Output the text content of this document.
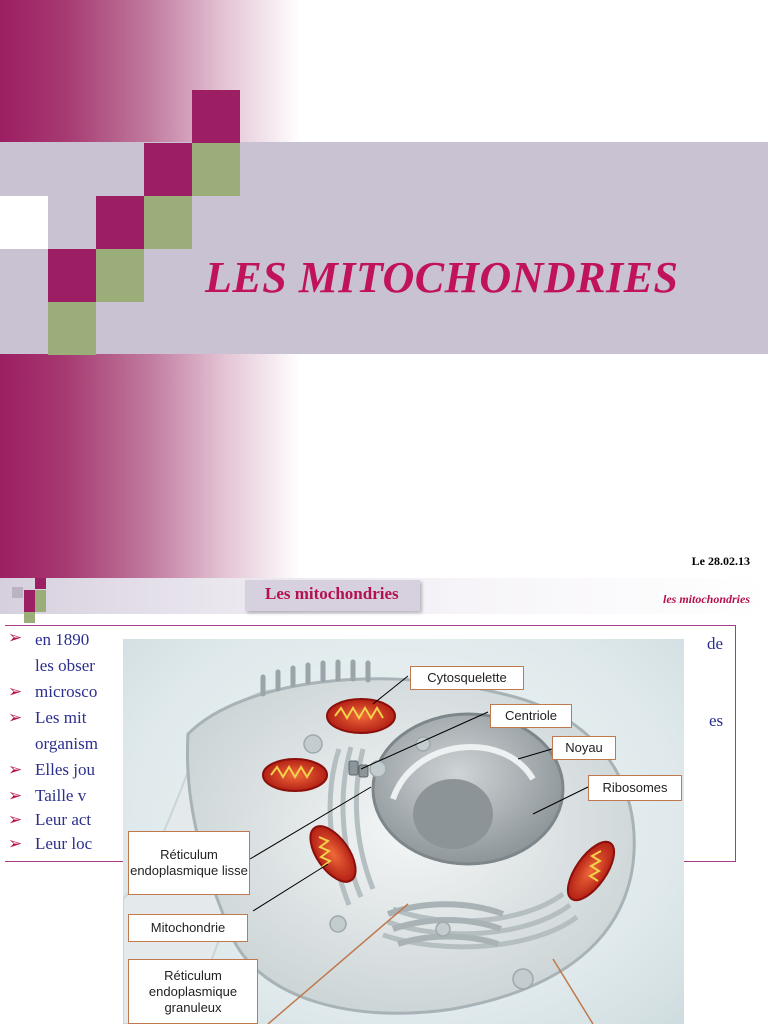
LES MITOCHONDRIES
Le 28.02.13
Les mitochondries	les mitochondries
➢ en 1890	de
les obser
➢ microsco
➢ Les mit	es
organism
➢ Elles jou
➢ Taille v
➢ Leur act
➢ Leur loc
Cytosquelette
Centriole
Noyau
Ribosomes
Réticulum endoplasmique lisse
Mitochondrie
Réticulum endoplasmique granuleux
